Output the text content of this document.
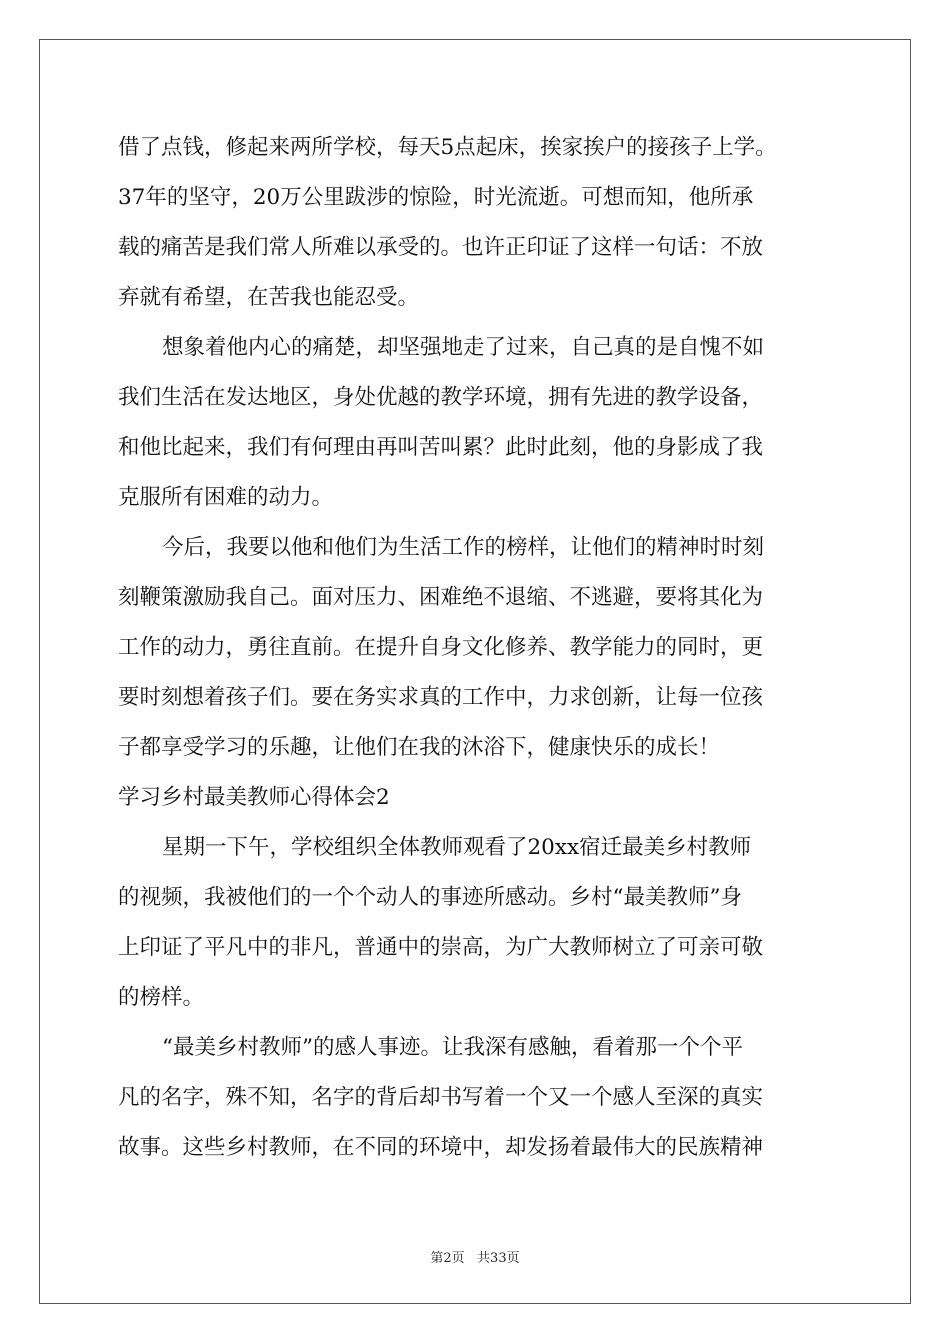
借了点钱，修起来两所学校，每天5点起床，挨家挨户的接孩子上学。

37年的坚守，20万公里跋涉的惊险，时光流逝。可想而知，他所承

载的痛苦是我们常人所难以承受的。也许正印证了这样一句话：不放

弃就有希望，在苦我也能忍受。

想象着他内心的痛楚，却坚强地走了过来，自己真的是自愧不如

我们生活在发达地区，身处优越的教学环境，拥有先进的教学设备，

和他比起来，我们有何理由再叫苦叫累？此时此刻，他的身影成了我

克服所有困难的动力。

今后，我要以他和他们为生活工作的榜样，让他们的精神时时刻

刻鞭策激励我自己。面对压力、困难绝不退缩、不逃避，要将其化为

工作的动力，勇往直前。在提升自身文化修养、教学能力的同时，更

要时刻想着孩子们。要在务实求真的工作中，力求创新，让每一位孩

子都享受学习的乐趣，让他们在我的沐浴下，健康快乐的成长！

学习乡村最美教师心得体会2

星期一下午，学校组织全体教师观看了20xx宿迁最美乡村教师

的视频，我被他们的一个个动人的事迹所感动。乡村“最美教师”身

上印证了平凡中的非凡，普通中的崇高，为广大教师树立了可亲可敬

的榜样。

“最美乡村教师”的感人事迹。让我深有感触，看着那一个个平

凡的名字，殊不知，名字的背后却书写着一个又一个感人至深的真实

故事。这些乡村教师，在不同的环境中，却发扬着最伟大的民族精神

第2页   共33页
